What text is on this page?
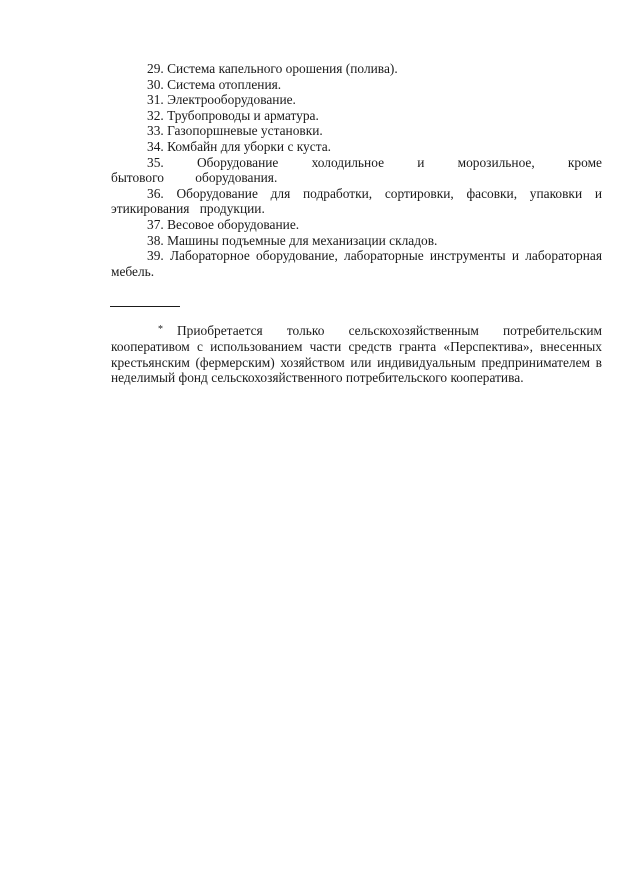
29. Система капельного орошения (полива).

30. Система отопления.

31. Электрооборудование.

32. Трубопроводы и арматура.

33. Газопоршневые установки.

34. Комбайн для уборки с куста.

35. Оборудование холодильное и морозильное, кроме бытового оборудования.

36. Оборудование для подработки, сортировки, фасовки, упаковки и этикирования продукции.

37. Весовое оборудование.

38. Машины подъемные для механизации складов.

39. Лабораторное оборудование, лабораторные инструменты и лабораторная мебель.

* Приобретается только сельскохозяйственным потребительским кооперативом с использованием части средств гранта «Перспектива», внесенных крестьянским (фермерским) хозяйством или индивидуальным предпринимателем в неделимый фонд сельскохозяйственного потребительского кооператива.
